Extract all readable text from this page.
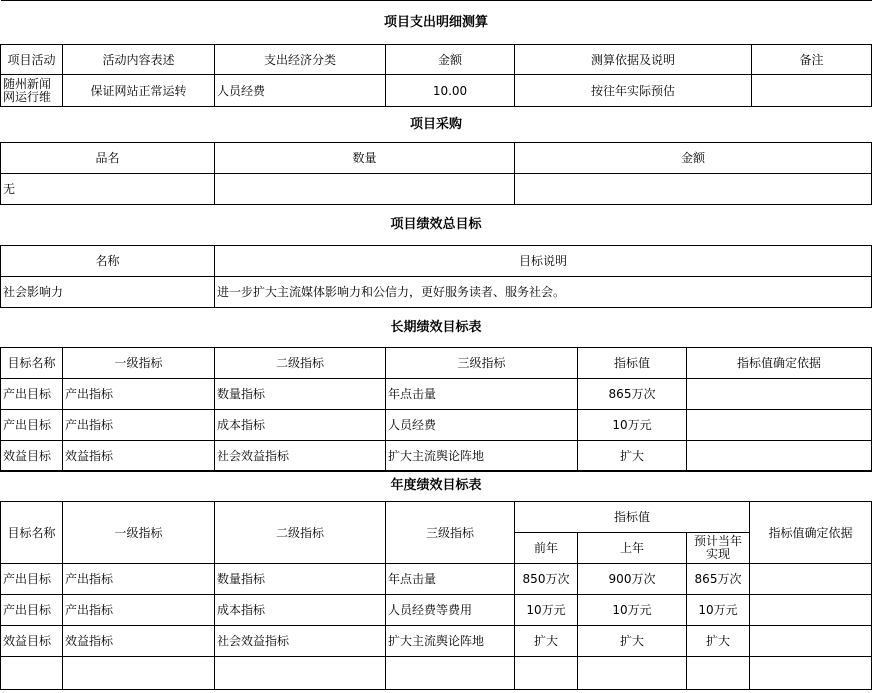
项目支出明细测算					
项目活动	活动内容表述	支出经济分类	金额	测算依据及说明	备注
随州新闻网运行维	保证网站正常运转	人员经费	10.00	按往年实际预估	
项目采购		
品名	数量	金额
无		
项目绩效总目标	
名称	目标说明
社会影响力	进一步扩大主流媒体影响力和公信力，更好服务读者、服务社会。
长期绩效目标表					
目标名称	一级指标	二级指标	三级指标	指标值	指标值确定依据
产出目标	产出指标	数量指标	年点击量	865万次	
产出目标	产出指标	成本指标	人员经费	10万元	
效益目标	效益指标	社会效益指标	扩大主流舆论阵地	扩大	
年度绩效目标表							
目标名称	一级指标	二级指标	三级指标	指标值			指标值确定依据
				前年	上年	预计当年实现	
产出目标	产出指标	数量指标	年点击量	850万次	900万次	865万次	
产出目标	产出指标	成本指标	人员经费等费用	10万元	10万元	10万元	
效益目标	效益指标	社会效益指标	扩大主流舆论阵地	扩大	扩大	扩大	
